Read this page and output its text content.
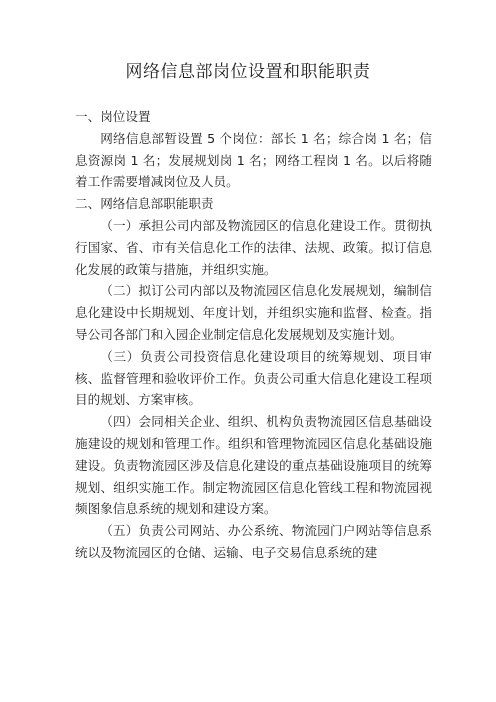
网络信息部岗位设置和职能职责

一、岗位设置

网络信息部暂设置 5 个岗位：部长 1 名；综合岗 1 名；信息资源岗 1 名；发展规划岗 1 名；网络工程岗 1 名。以后将随着工作需要增减岗位及人员。

二、网络信息部职能职责

（一）承担公司内部及物流园区的信息化建设工作。贯彻执行国家、省、市有关信息化工作的法律、法规、政策。拟订信息化发展的政策与措施，并组织实施。

（二）拟订公司内部以及物流园区信息化发展规划，编制信息化建设中长期规划、年度计划，并组织实施和监督、检查。指导公司各部门和入园企业制定信息化发展规划及实施计划。

（三）负责公司投资信息化建设项目的统筹规划、项目审核、监督管理和验收评价工作。负责公司重大信息化建设工程项目的规划、方案审核。

（四）会同相关企业、组织、机构负责物流园区信息基础设施建设的规划和管理工作。组织和管理物流园区信息化基础设施建设。负责物流园区涉及信息化建设的重点基础设施项目的统筹规划、组织实施工作。制定物流园区信息化管线工程和物流园视频图象信息系统的规划和建设方案。

（五）负责公司网站、办公系统、物流园门户网站等信息系统以及物流园区的仓储、运输、电子交易信息系统的建
